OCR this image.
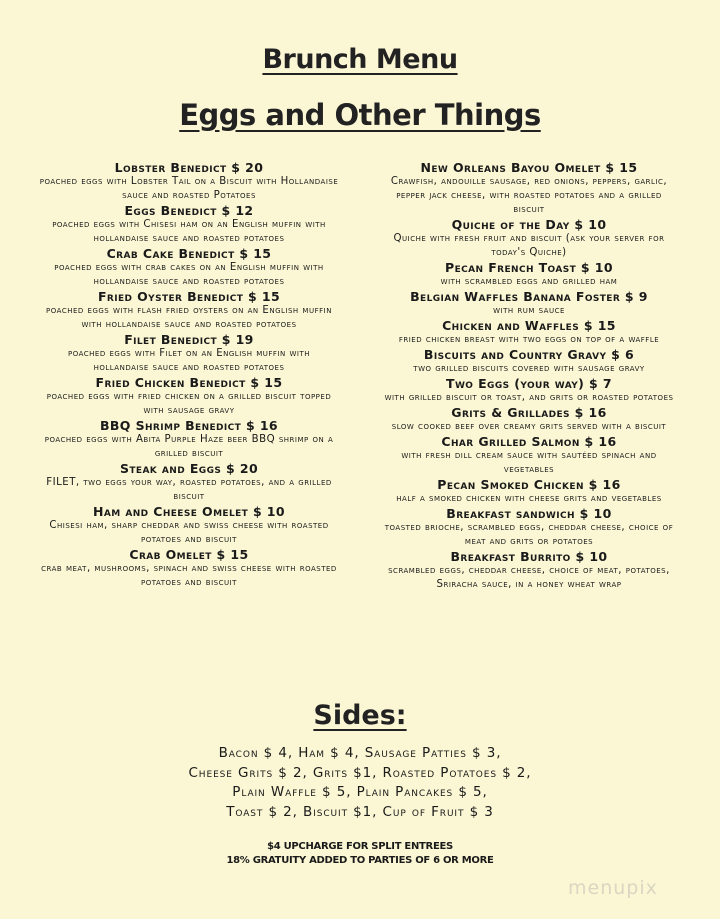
Brunch Menu
Eggs and Other Things
Lobster Benedict $ 20
poached eggs with Lobster Tail on a Biscuit with Hollandaise sauce and roasted Potatoes
Eggs Benedict $ 12
poached eggs with Chisesi ham on an English muffin with hollandaise sauce and roasted potatoes
Crab Cake Benedict $ 15
poached eggs with crab cakes on an English muffin with hollandaise sauce and roasted potatoes
Fried Oyster Benedict $ 15
poached eggs with flash fried oysters on an English muffin with hollandaise sauce and roasted potatoes
Filet Benedict $ 19
poached eggs with Filet on an English muffin with hollandaise sauce and roasted potatoes
Fried Chicken Benedict $ 15
poached eggs with fried chicken on a grilled biscuit topped with sausage gravy
BBQ Shrimp Benedict $ 16
poached eggs with Abita Purple Haze beer BBQ shrimp on a grilled biscuit
Steak and Eggs $ 20
FILET, two eggs your way, roasted potatoes, and a grilled biscuit
Ham and Cheese Omelet $ 10
Chisesi ham, sharp cheddar and swiss cheese with roasted potatoes and biscuit
Crab Omelet $ 15
crab meat, mushrooms, spinach and swiss cheese with roasted potatoes and biscuit
New Orleans Bayou Omelet $ 15
Crawfish, andouille sausage, red onions, peppers, garlic, pepper jack cheese, with roasted potatoes and a grilled biscuit
Quiche of the Day $ 10
Quiche with fresh fruit and biscuit (ask your server for today's Quiche)
Pecan French Toast $ 10
with scrambled eggs and grilled ham
Belgian Waffles Banana Foster $ 9
with rum sauce
Chicken and Waffles $ 15
fried chicken breast with two eggs on top of a waffle
Biscuits and Country Gravy $ 6
two grilled biscuits covered with sausage gravy
Two Eggs (your way) $ 7
with grilled biscuit or toast, and grits or roasted potatoes
Grits & Grillades $ 16
slow cooked beef over creamy grits served with a biscuit
Char Grilled Salmon $ 16
with fresh dill cream sauce with sautéed spinach and vegetables
Pecan Smoked Chicken $ 16
half a smoked chicken with cheese grits and vegetables
Breakfast sandwich $ 10
toasted brioche, scrambled eggs, cheddar cheese, choice of meat and grits or potatoes
Breakfast Burrito $ 10
scrambled eggs, cheddar cheese, choice of meat, potatoes, Sriracha sauce, in a honey wheat wrap
Sides:
Bacon $ 4, Ham $ 4, Sausage Patties $ 3,
Cheese Grits $ 2, Grits $1, Roasted Potatoes $ 2,
Plain Waffle $ 5, Plain Pancakes $ 5,
Toast $ 2, Biscuit $1, Cup of Fruit $ 3
$4 UPCHARGE FOR SPLIT ENTREES
18% GRATUITY ADDED TO PARTIES OF 6 OR MORE
menupix
